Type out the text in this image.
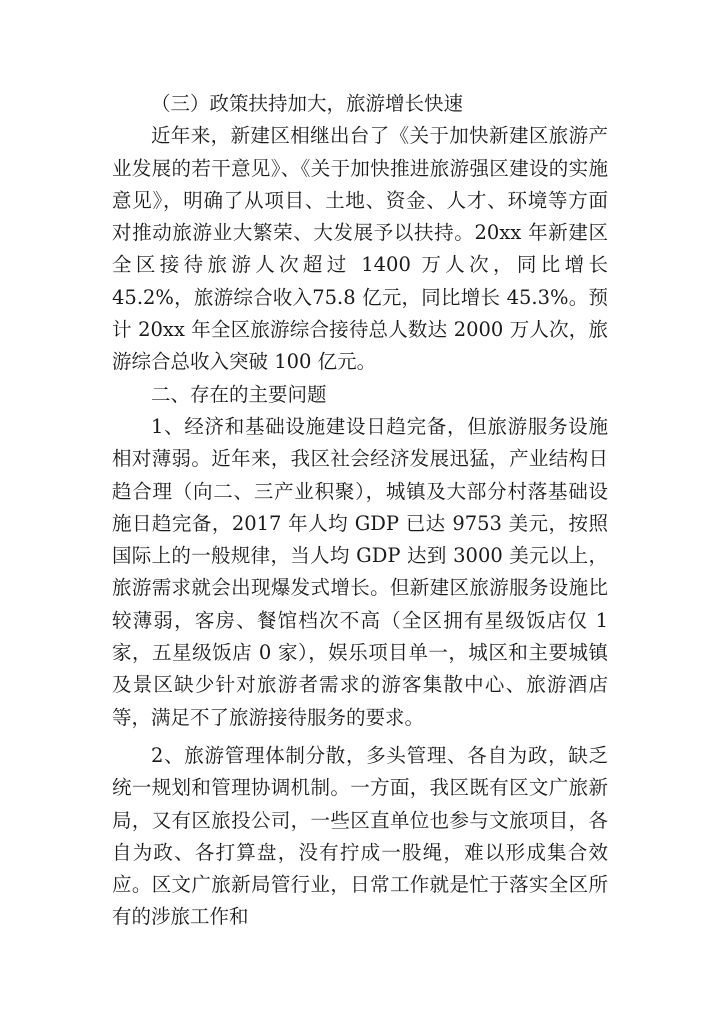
（三）政策扶持加大，旅游增长快速

近年来，新建区相继出台了《关于加快新建区旅游产业发展的若干意见》、《关于加快推进旅游强区建设的实施意见》，明确了从项目、土地、资金、人才、环境等方面对推动旅游业大繁荣、大发展予以扶持。20xx 年新建区全区接待旅游人次超过 1400 万人次，同比增长 45.2%，旅游综合收入75.8 亿元，同比增长 45.3%。预计 20xx 年全区旅游综合接待总人数达 2000 万人次，旅游综合总收入突破 100 亿元。

二、存在的主要问题

1、经济和基础设施建设日趋完备，但旅游服务设施相对薄弱。近年来，我区社会经济发展迅猛，产业结构日趋合理（向二、三产业积聚），城镇及大部分村落基础设施日趋完备，2017 年人均 GDP 已达 9753 美元，按照国际上的一般规律，当人均 GDP 达到 3000 美元以上，旅游需求就会出现爆发式增长。但新建区旅游服务设施比较薄弱，客房、餐馆档次不高（全区拥有星级饭店仅 1 家，五星级饭店 0 家），娱乐项目单一，城区和主要城镇及景区缺少针对旅游者需求的游客集散中心、旅游酒店等，满足不了旅游接待服务的要求。

2、旅游管理体制分散，多头管理、各自为政，缺乏统一规划和管理协调机制。一方面，我区既有区文广旅新局，又有区旅投公司，一些区直单位也参与文旅项目，各自为政、各打算盘，没有拧成一股绳，难以形成集合效应。区文广旅新局管行业，日常工作就是忙于落实全区所有的涉旅工作和
